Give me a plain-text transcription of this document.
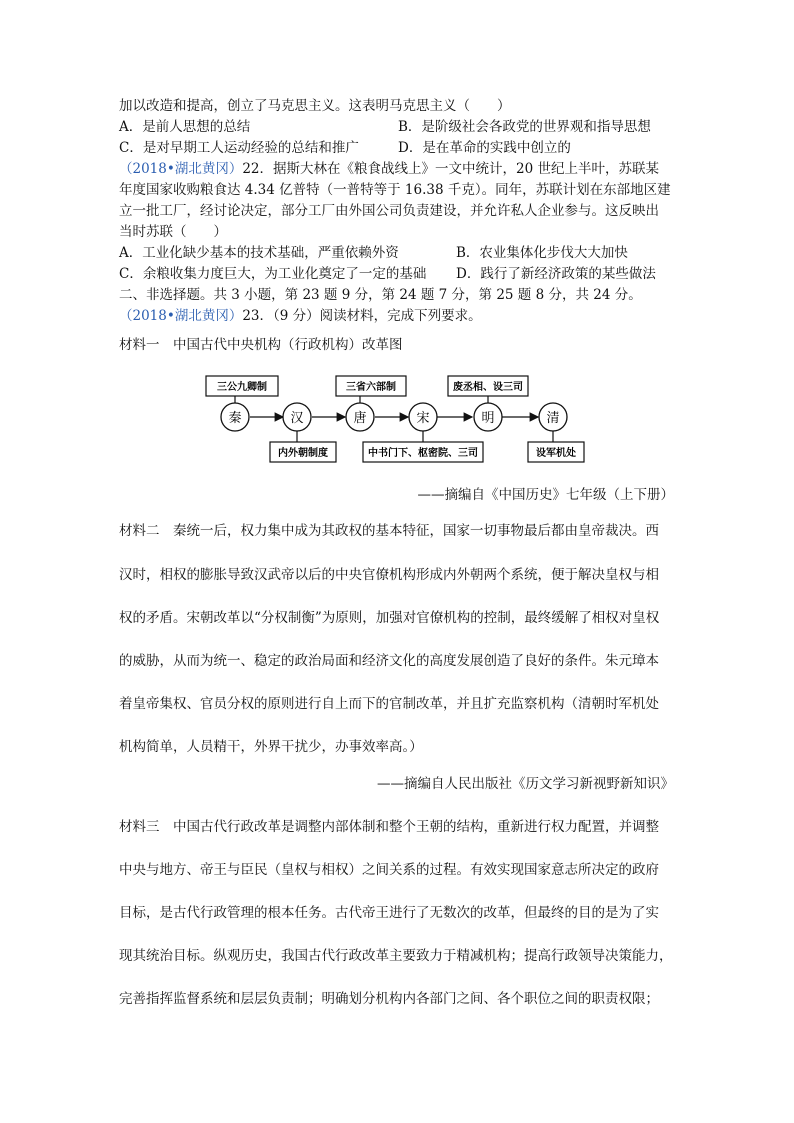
加以改造和提高，创立了马克思主义。这表明马克思主义（　　）
A．是前人思想的总结	B．是阶级社会各政党的世界观和指导思想
C．是对早期工人运动经验的总结和推广	D．是在革命的实践中创立的
（2018•湖北黄冈）22．据斯大林在《粮食战线上》一文中统计，20 世纪上半叶，苏联某
年度国家收购粮食达 4.34 亿普特（一普特等于 16.38 千克）。同年，苏联计划在东部地区建
立一批工厂，经讨论决定，部分工厂由外国公司负责建设，并允许私人企业参与。这反映出
当时苏联（　　）
A．工业化缺少基本的技术基础，严重依赖外资	B．农业集体化步伐大大加快
C．余粮收集力度巨大，为工业化奠定了一定的基础 D．践行了新经济政策的某些做法
二、非选择题。共 3 小题，第 23 题 9 分，第 24 题 7 分，第 25 题 8 分，共 24 分。
（2018•湖北黄冈）23．（9 分）阅读材料，完成下列要求。
材料一　中国古代中央机构（行政机构）改革图
三公九卿制	三省六部制	废丞相、设三司
秦	汉	唐	宋	明	清
内外朝制度	中书门下、枢密院、三司	设军机处
——摘编自《中国历史》七年级（上下册）
材料二　秦统一后，权力集中成为其政权的基本特征，国家一切事物最后都由皇帝裁决。西
汉时，相权的膨胀导致汉武帝以后的中央官僚机构形成内外朝两个系统，便于解决皇权与相
权的矛盾。宋朝改革以“分权制衡”为原则，加强对官僚机构的控制，最终缓解了相权对皇权
的威胁，从而为统一、稳定的政治局面和经济文化的高度发展创造了良好的条件。朱元璋本
着皇帝集权、官员分权的原则进行自上而下的官制改革，并且扩充监察机构（清朝时军机处
机构简单，人员精干，外界干扰少，办事效率高。）
——摘编自人民出版社《历文学习新视野新知识》
材料三　中国古代行政改革是调整内部体制和整个王朝的结构，重新进行权力配置，并调整
中央与地方、帝王与臣民（皇权与相权）之间关系的过程。有效实现国家意志所决定的政府
目标，是古代行政管理的根本任务。古代帝王进行了无数次的改革，但最终的目的是为了实
现其统治目标。纵观历史，我国古代行政改革主要致力于精减机构；提高行政领导决策能力，
完善指挥监督系统和层层负责制；明确划分机构内各部门之间、各个职位之间的职责权限；
